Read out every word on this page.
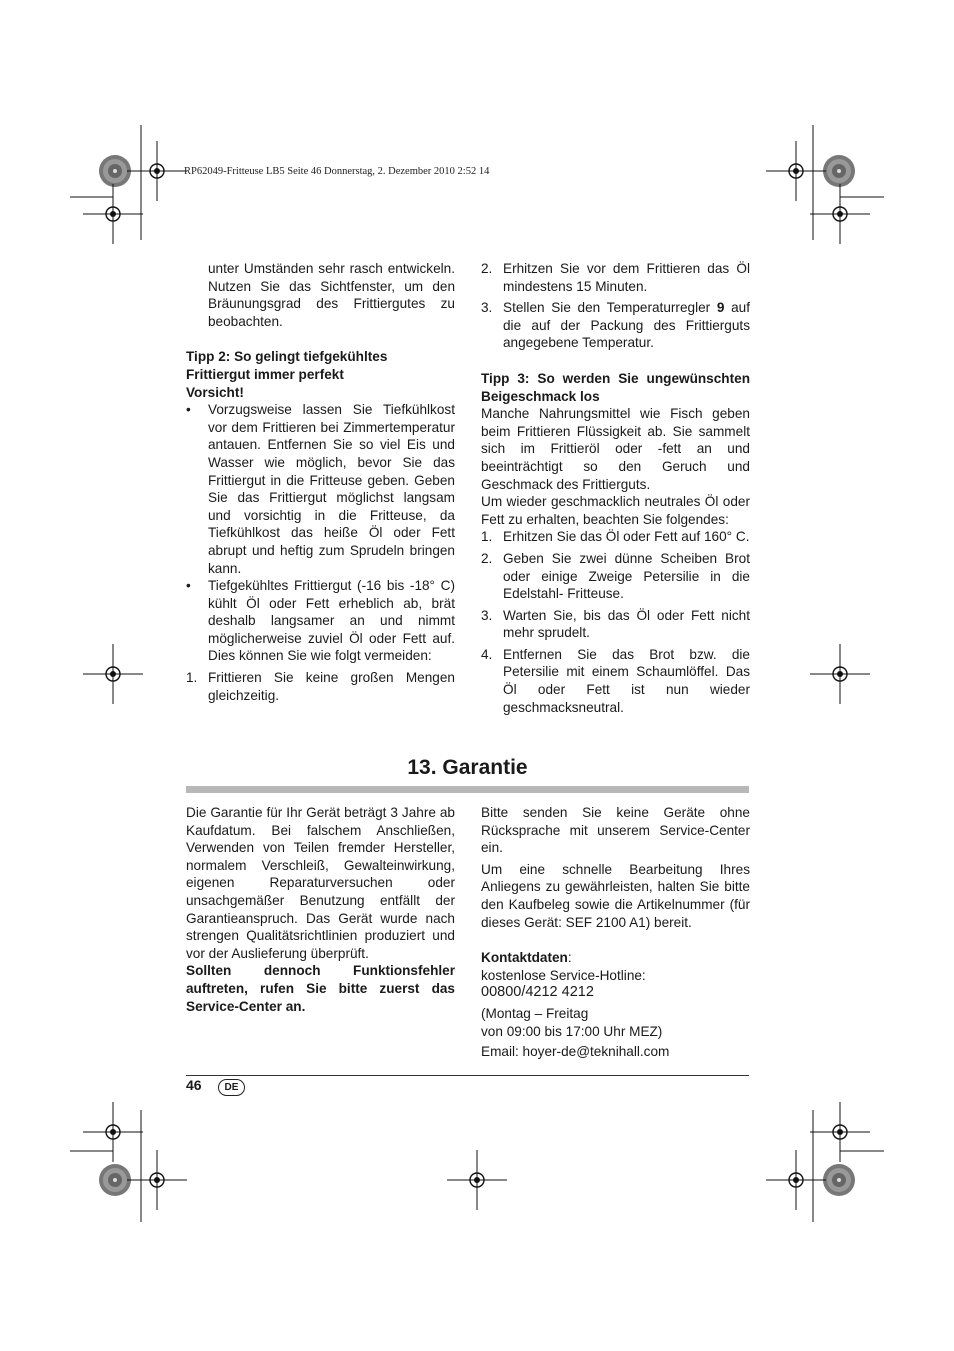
RP62049-Fritteuse LB5 Seite 46 Donnerstag, 2. Dezember 2010 2:52 14
unter Umständen sehr rasch entwickeln. Nutzen Sie das Sichtfenster, um den Bräunungsgrad des Frittiergutes zu beobachten.
Tipp 2: So gelingt tiefgekühltes Frittiergut immer perfekt
Vorsicht!
•	Vorzugsweise lassen Sie Tiefkühlkost vor dem Frittieren bei Zimmertemperatur antauen. Entfernen Sie so viel Eis und Wasser wie möglich, bevor Sie das Frittiergut in die Fritteuse geben. Geben Sie das Frittiergut möglichst langsam und vorsichtig in die Fritteuse, da Tiefkühlkost das heiße Öl oder Fett abrupt und heftig zum Sprudeln bringen kann.
•	Tiefgekühltes Frittiergut (-16 bis -18° C) kühlt Öl oder Fett erheblich ab, brät deshalb langsamer an und nimmt möglicherweise zuviel Öl oder Fett auf. Dies können Sie wie folgt vermeiden:
1. Frittieren Sie keine großen Mengen gleichzeitig.
2. Erhitzen Sie vor dem Frittieren das Öl mindestens 15 Minuten.
3. Stellen Sie den Temperaturregler 9 auf die auf der Packung des Frittierguts angegebene Temperatur.
Tipp 3: So werden Sie ungewünschten Beigeschmack los
Manche Nahrungsmittel wie Fisch geben beim Frittieren Flüssigkeit ab. Sie sammelt sich im Frittieröl oder -fett an und beeinträchtigt so den Geruch und Geschmack des Frittierguts.
Um wieder geschmacklich neutrales Öl oder Fett zu erhalten, beachten Sie folgendes:
1. Erhitzen Sie das Öl oder Fett auf 160° C.
2. Geben Sie zwei dünne Scheiben Brot oder einige Zweige Petersilie in die Edelstahl- Fritteuse.
3. Warten Sie, bis das Öl oder Fett nicht mehr sprudelt.
4. Entfernen Sie das Brot bzw. die Petersilie mit einem Schaumlöffel. Das Öl oder Fett ist nun wieder geschmacksneutral.
13. Garantie
Die Garantie für Ihr Gerät beträgt 3 Jahre ab Kaufdatum. Bei falschem Anschließen, Verwenden von Teilen fremder Hersteller, normalem Verschleiß, Gewalteinwirkung, eigenen Reparaturversuchen oder unsachgemäßer Benutzung entfällt der Garantieanspruch. Das Gerät wurde nach strengen Qualitätsrichtlinien produziert und vor der Auslieferung überprüft.
Sollten dennoch Funktionsfehler auftreten, rufen Sie bitte zuerst das Service-Center an.
Bitte senden Sie keine Geräte ohne Rücksprache mit unserem Service-Center ein.
Um eine schnelle Bearbeitung Ihres Anliegens zu gewährleisten, halten Sie bitte den Kaufbeleg sowie die Artikelnummer (für dieses Gerät: SEF 2100 A1) bereit.
Kontaktdaten:
kostenlose Service-Hotline:
00800/4212 4212
(Montag – Freitag
von 09:00 bis 17:00 Uhr MEZ)
Email: hoyer-de@teknihall.com
46	DE
